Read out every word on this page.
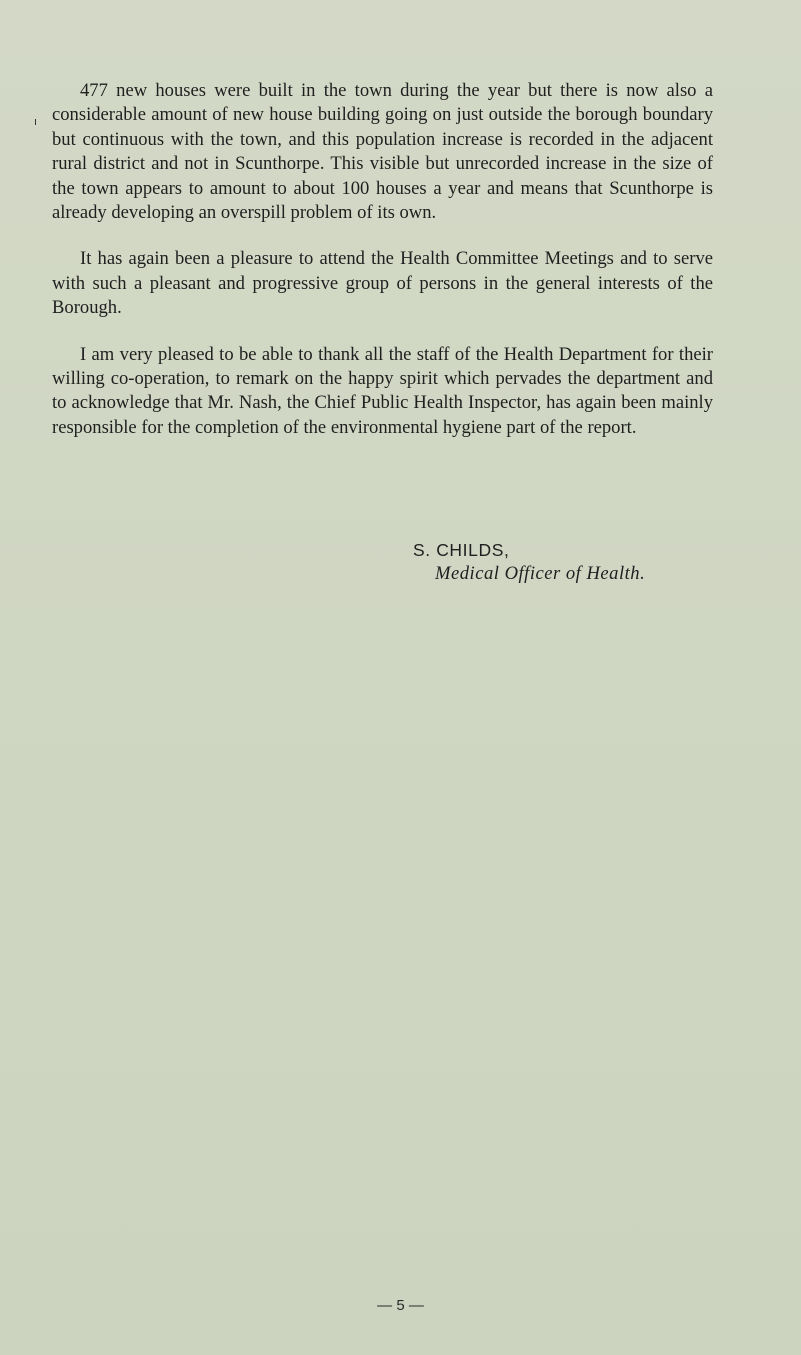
477 new houses were built in the town during the year but there is now also a considerable amount of new house building going on just outside the borough boundary but continuous with the town, and this population increase is recorded in the adjacent rural district and not in Scunthorpe. This visible but unrecorded increase in the size of the town appears to amount to about 100 houses a year and means that Scunthorpe is already developing an overspill problem of its own.

It has again been a pleasure to attend the Health Committee Meetings and to serve with such a pleasant and progressive group of persons in the general interests of the Borough.

I am very pleased to be able to thank all the staff of the Health Department for their willing co-operation, to remark on the happy spirit which pervades the department and to acknowledge that Mr. Nash, the Chief Public Health Inspector, has again been mainly responsible for the completion of the environmental hygiene part of the report.

S. CHILDS,
Medical Officer of Health.
— 5 —
